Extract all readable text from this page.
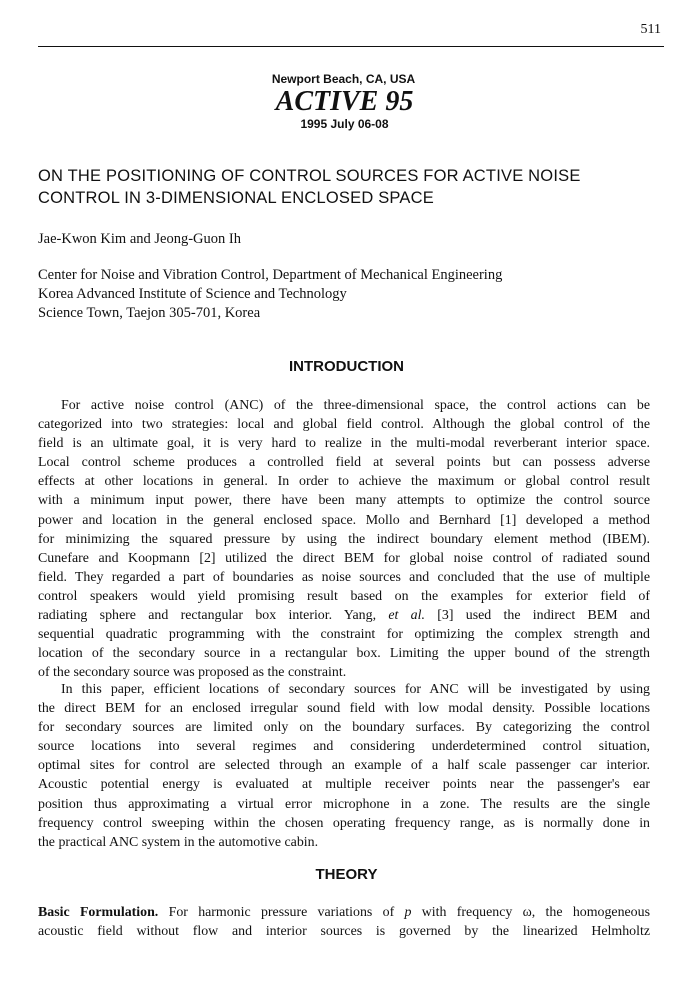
511
Newport Beach, CA, USA
ACTIVE 95
1995 July 06-08
ON THE POSITIONING OF CONTROL SOURCES FOR ACTIVE NOISE
CONTROL IN 3-DIMENSIONAL ENCLOSED SPACE
Jae-Kwon Kim and Jeong-Guon Ih
Center for Noise and Vibration Control, Department of Mechanical Engineering
Korea Advanced Institute of Science and Technology
Science Town, Taejon 305-701, Korea
INTRODUCTION
For active noise control (ANC) of the three-dimensional space, the control actions can be
categorized into two strategies: local and global field control. Although the global control of the
field is an ultimate goal, it is very hard to realize in the multi-modal reverberant interior space.
Local control scheme produces a controlled field at several points but can possess adverse
effects at other locations in general. In order to achieve the maximum or global control result
with a minimum input power, there have been many attempts to optimize the control source
power and location in the general enclosed space. Mollo and Bernhard [1] developed a method
for minimizing the squared pressure by using the indirect boundary element method (IBEM).
Cunefare and Koopmann [2] utilized the direct BEM for global noise control of radiated sound
field. They regarded a part of boundaries as noise sources and concluded that the use of multiple
control speakers would yield promising result based on the examples for exterior field of
radiating sphere and rectangular box interior. Yang, et al. [3] used the indirect BEM and
sequential quadratic programming with the constraint for optimizing the complex strength and
location of the secondary source in a rectangular box. Limiting the upper bound of the strength
of the secondary source was proposed as the constraint.
In this paper, efficient locations of secondary sources for ANC will be investigated by using
the direct BEM for an enclosed irregular sound field with low modal density. Possible locations
for secondary sources are limited only on the boundary surfaces. By categorizing the control
source locations into several regimes and considering underdetermined control situation,
optimal sites for control are selected through an example of a half scale passenger car interior.
Acoustic potential energy is evaluated at multiple receiver points near the passenger's ear
position thus approximating a virtual error microphone in a zone. The results are the single
frequency control sweeping within the chosen operating frequency range, as is normally done in
the practical ANC system in the automotive cabin.
THEORY
Basic Formulation. For harmonic pressure variations of p with frequency ω, the homogeneous
acoustic field without flow and interior sources is governed by the linearized Helmholtz
